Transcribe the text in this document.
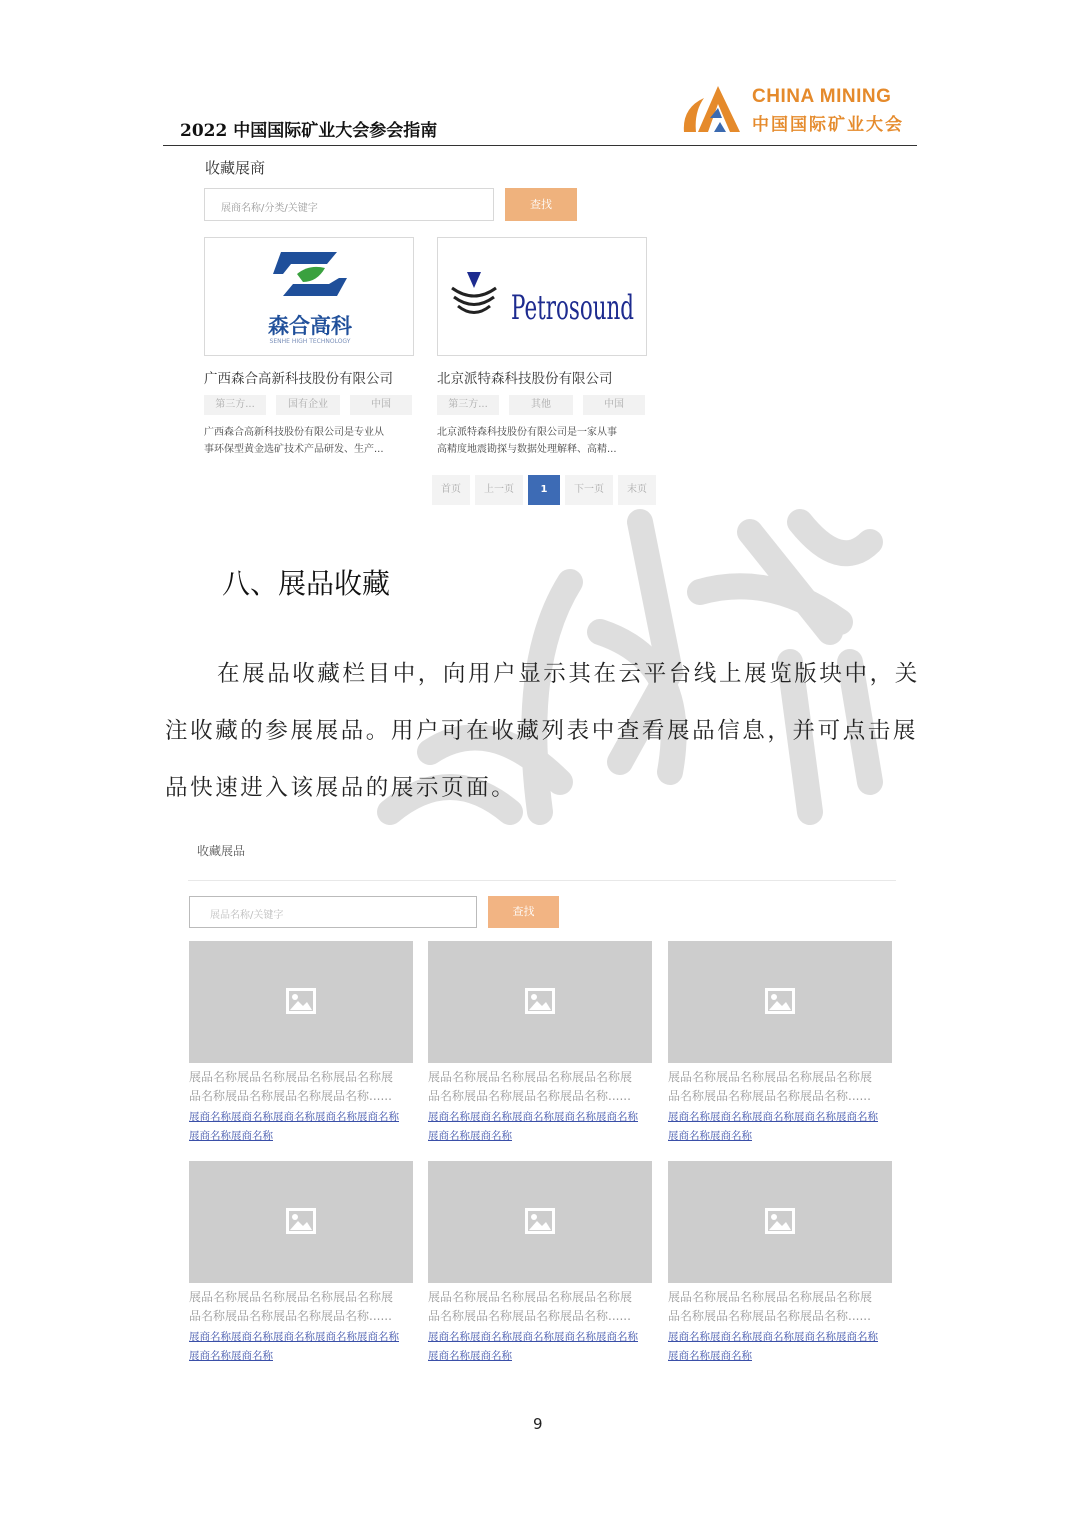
2022 中国国际矿业大会参会指南
CHINA MINING
中国国际矿业大会
收藏展商
展商名称/分类/关键字	查找
森合高科
SENHE HIGH TECHNOLOGY
Petrosound
广西森合高新科技股份有限公司	北京派特森科技股份有限公司
第三方...	国有企业	中国	第三方...	其他	中国
广西森合高新科技股份有限公司是专业从
事环保型黄金选矿技术产品研发、生产...
北京派特森科技股份有限公司是一家从事
高精度地震勘探与数据处理解释、高精...
首页	上一页	1	下一页	末页
八、展品收藏
在展品收藏栏目中，向用户显示其在云平台线上展览版块中，关
注收藏的参展展品。用户可在收藏列表中查看展品信息，并可点击展
品快速进入该展品的展示页面。
收藏展品
展品名称/关键字	查找
展品名称展品名称展品名称展品名称展
品名称展品名称展品名称展品名称......
展商名称展商名称展商名称展商名称展商名称
展商名称展商名称
展品名称展品名称展品名称展品名称展
品名称展品名称展品名称展品名称......
展商名称展商名称展商名称展商名称展商名称
展商名称展商名称
展品名称展品名称展品名称展品名称展
品名称展品名称展品名称展品名称......
展商名称展商名称展商名称展商名称展商名称
展商名称展商名称
展品名称展品名称展品名称展品名称展
品名称展品名称展品名称展品名称......
展商名称展商名称展商名称展商名称展商名称
展商名称展商名称
展品名称展品名称展品名称展品名称展
品名称展品名称展品名称展品名称......
展商名称展商名称展商名称展商名称展商名称
展商名称展商名称
展品名称展品名称展品名称展品名称展
品名称展品名称展品名称展品名称......
展商名称展商名称展商名称展商名称展商名称
展商名称展商名称
9
